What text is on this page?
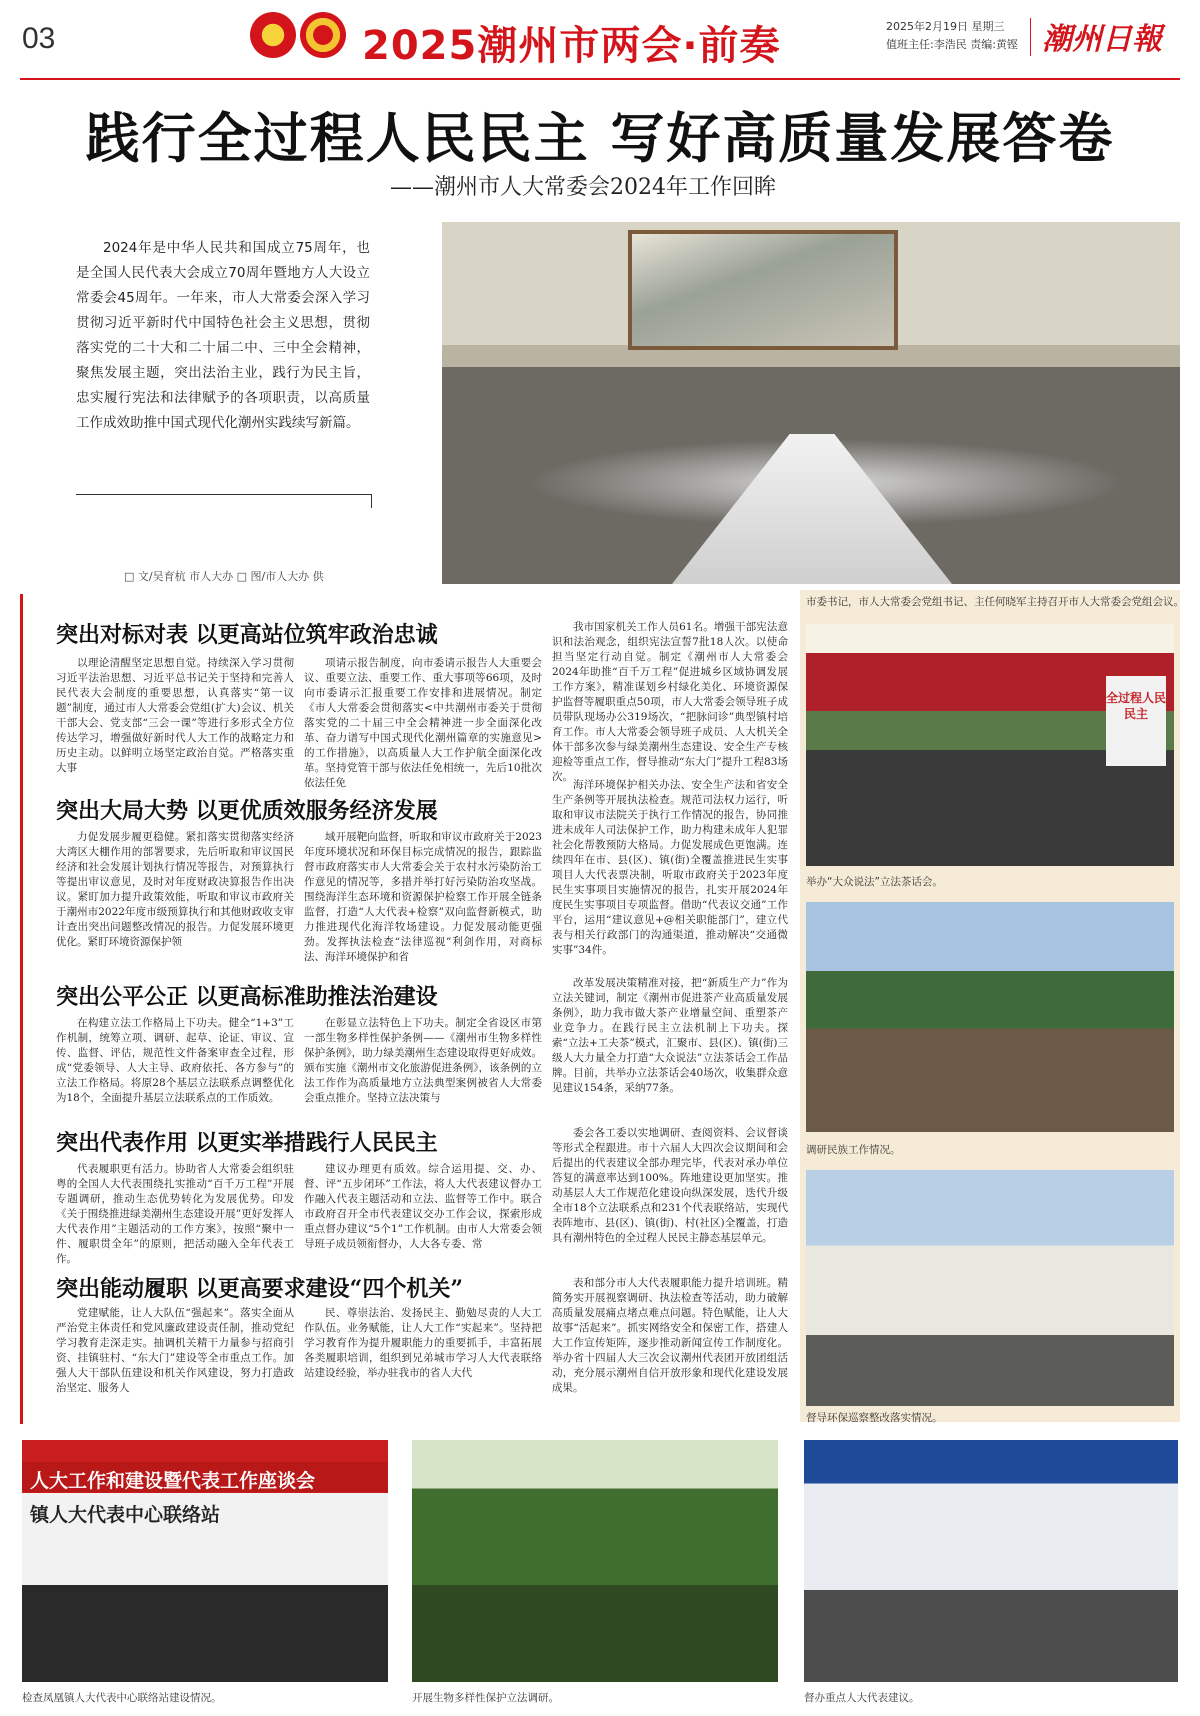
03	2025潮州市两会·前奏	2025年2月19日 星期三
值班主任:李浩民 责编:黄铿 潮州日報
践行全过程人民民主 写好高质量发展答卷
——潮州市人大常委会2024年工作回眸

2024年是中华人民共和国成立75周年，也是全国人民代表大会成立70周年暨地方人大设立常委会45周年。一年来，市人大常委会深入学习贯彻习近平新时代中国特色社会主义思想，贯彻落实党的二十大和二十届二中、三中全会精神，聚焦发展主题，突出法治主业，践行为民主旨，忠实履行宪法和法律赋予的各项职责，以高质量工作成效助推中国式现代化潮州实践续写新篇。

□ 文/吴育杭 市人大办 □ 图/市人大办 供
市委书记，市人大常委会党组书记、主任何晓军主持召开市人大常委会党组会议。
全过程人民民主
举办“大众说法”立法茶话会。
调研民族工作情况。
督导环保巡察整改落实情况。
人大工作和建设暨代表工作座谈会
镇人大代表中心联络站
检查凤凰镇人大代表中心联络站建设情况。	开展生物多样性保护立法调研。	督办重点人大代表建议。
突出对标对表 以更高站位筑牢政治忠诚

以理论清醒坚定思想自觉。持续深入学习贯彻习近平法治思想、习近平总书记关于坚持和完善人民代表大会制度的重要思想，认真落实“第一议题”制度，通过市人大常委会党组(扩大)会议、机关干部大会、党支部“三会一课”等进行多形式全方位传达学习，增强做好新时代人大工作的战略定力和历史主动。以鲜明立场坚定政治自觉。严格落实重大事

项请示报告制度，向市委请示报告人大重要会议、重要立法、重要工作、重大事项等66项，及时向市委请示汇报重要工作安排和进展情况。制定《市人大常委会贯彻落实<中共潮州市委关于贯彻落实党的二十届三中全会精神进一步全面深化改革、奋力谱写中国式现代化潮州篇章的实施意见>的工作措施》，以高质量人大工作护航全面深化改革。坚持党管干部与依法任免相统一，先后10批次依法任免

我市国家机关工作人员61名。增强干部宪法意识和法治观念，组织宪法宣誓7批18人次。以使命担当坚定行动自觉。制定《潮州市人大常委会2024年助推“百千万工程”促进城乡区域协调发展工作方案》，精准谋划乡村绿化美化、环境资源保护监督等履职重点50项，市人大常委会领导班子成员带队现场办公319场次，“把脉问诊”典型镇村培育工作。市人大常委会领导班子成员、人大机关全体干部多次参与绿美潮州生态建设、安全生产专核迎检等重点工作，督导推动“东大门”提升工程83场次。

突出大局大势 以更优质效服务经济发展

力促发展步履更稳健。紧扣落实贯彻落实经济大湾区大棚作用的部署要求，先后听取和审议国民经济和社会发展计划执行情况等报告，对预算执行等提出审议意见，及时对年度财政决算报告作出决议。紧盯加力提升政策效能，听取和审议市政府关于潮州市2022年度市级预算执行和其他财政收支审计查出突出问题整改情况的报告。力促发展环境更优化。紧盯环境资源保护领

域开展靶向监督，听取和审议市政府关于2023年度环境状况和环保目标完成情况的报告，跟踪监督市政府落实市人大常委会关于农村水污染防治工作意见的情况等，多措并举打好污染防治攻坚战。围绕海洋生态环境和资源保护检察工作开展全链条监督，打造“人大代表+检察”双向监督新模式，助力推进现代化海洋牧场建设。力促发展动能更强劲。发挥执法检查“法律巡视”利剑作用，对商标法、海洋环境保护和省

海洋环境保护相关办法、安全生产法和省安全生产条例等开展执法检查。规范司法权力运行，听取和审议市法院关于执行工作情况的报告，协同推进未成年人司法保护工作，助力构建未成年人犯罪社会化帮教预防大格局。力促发展成色更饱满。连续四年在市、县(区)、镇(街)全覆盖推进民生实事项目人大代表票决制，听取市政府关于2023年度民生实事项目实施情况的报告，扎实开展2024年度民生实事项目专项监督。借助“代表议交通”工作平台，运用“建议意见+@相关职能部门”，建立代表与相关行政部门的沟通渠道，推动解决“交通微实事”34件。

突出公平公正 以更高标准助推法治建设

在构建立法工作格局上下功夫。健全“1+3”工作机制，统筹立项、调研、起草、论证、审议、宣传、监督、评估，规范性文件备案审查全过程，形成“党委领导、人大主导、政府依托、各方参与”的立法工作格局。将原28个基层立法联系点调整优化为18个，全面提升基层立法联系点的工作质效。

在彰显立法特色上下功夫。制定全省设区市第一部生物多样性保护条例——《潮州市生物多样性保护条例》，助力绿美潮州生态建设取得更好成效。颁布实施《潮州市文化旅游促进条例》，该条例的立法工作作为高质量地方立法典型案例被省人大常委会重点推介。坚持立法决策与

改革发展决策精准对接，把“新质生产力”作为立法关键词，制定《潮州市促进茶产业高质量发展条例》，助力我市做大茶产业增量空间、重塑茶产业竞争力。在践行民主立法机制上下功夫。探索“立法+工夫茶”模式，汇聚市、县(区)、镇(街)三级人大力量全力打造“大众说法”立法茶话会工作品牌。目前，共举办立法茶话会40场次，收集群众意见建议154条，采纳77条。

突出代表作用 以更实举措践行人民民主

代表履职更有活力。协助省人大常委会组织驻粤的全国人大代表围绕扎实推动“百千万工程”开展专题调研，推动生态优势转化为发展优势。印发《关于围绕推进绿美潮州生态建设开展”更好发挥人大代表作用”主题活动的工作方案》，按照“聚中一件、履职贯全年”的原则，把活动融入全年代表工作。

建议办理更有质效。综合运用提、交、办、督、评“五步闭环”工作法，将人大代表建议督办工作融入代表主题活动和立法、监督等工作中。联合市政府召开全市代表建议交办工作会议，探索形成重点督办建议“5个1”工作机制。由市人大常委会领导班子成员领衔督办，人大各专委、常

委会各工委以实地调研、查阅资料、会议督谈等形式全程跟进。市十六届人大四次会议期间和会后提出的代表建议全部办理完毕，代表对承办单位答复的满意率达到100%。阵地建设更加坚实。推动基层人大工作规范化建设向纵深发展，迭代升级全市18个立法联系点和231个代表联络站，实现代表阵地市、县(区)、镇(街)、村(社区)全覆盖，打造具有潮州特色的全过程人民民主静态基层单元。

突出能动履职 以更高要求建设“四个机关”

党建赋能，让人大队伍“强起来”。落实全面从严治党主体责任和党风廉政建设责任制，推动党纪学习教育走深走实。抽调机关精干力量参与招商引资、挂镇驻村、“东大门”建设等全市重点工作。加强人大干部队伍建设和机关作风建设，努力打造政治坚定、服务人

民、尊崇法治、发扬民主、勤勉尽责的人大工作队伍。业务赋能，让人大工作“实起来”。坚持把学习教育作为提升履职能力的重要抓手，丰富拓展各类履职培训，组织到兄弟城市学习人大代表联络站建设经验，举办驻我市的省人大代

表和部分市人大代表履职能力提升培训班。精简务实开展视察调研、执法检查等活动，助力破解高质量发展痛点堵点难点问题。特色赋能，让人大故事“活起来”。抓实网络安全和保密工作，搭建人大工作宣传矩阵，逐步推动新闻宣传工作制度化。举办省十四届人大三次会议潮州代表团开放团组活动，充分展示潮州自信开放形象和现代化建设发展成果。
